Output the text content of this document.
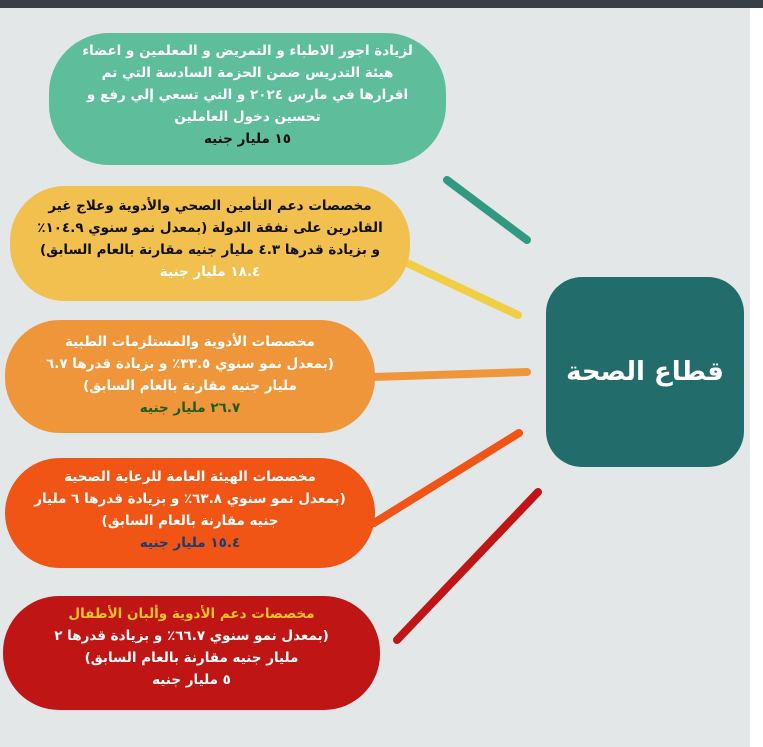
لزيادة اجور الاطباء و التمريض و المعلمين و اعضاء
هيئة التدريس ضمن الحزمة السادسة التي تم
اقرارها في مارس ٢٠٢٤ و التي تسعي إلي رفع و
تحسين دخول العاملين
١٥ مليار جنيه
مخصصات دعم التأمين الصحي والأدوية وعلاج غير
القادرين على نفقة الدولة (بمعدل نمو سنوي ١٠٤.٩٪
و بزيادة قدرها ٤.٣ مليار جنيه مقارنة بالعام السابق)
١٨.٤ مليار جنية
مخصصات الأدوية والمستلزمات الطبية
(بمعدل نمو سنوي ٣٣.٥٪ و بزيادة قدرها ٦.٧
مليار جنيه مقارنة بالعام السابق)
٢٦.٧ مليار جنيه
مخصصات الهيئة العامة للرعاية الصحية
(بمعدل نمو سنوي ٦٣.٨٪ و بزيادة قدرها ٦ مليار
جنيه مقارنة بالعام السابق)
١٥.٤ مليار جنيه
مخصصات دعم الأدوية وألبان الأطفال
(بمعدل نمو سنوي ٦٦.٧٪ و بزيادة قدرها ٢
مليار جنيه مقارنة بالعام السابق)
٥ مليار جنيه
قطاع الصحة
